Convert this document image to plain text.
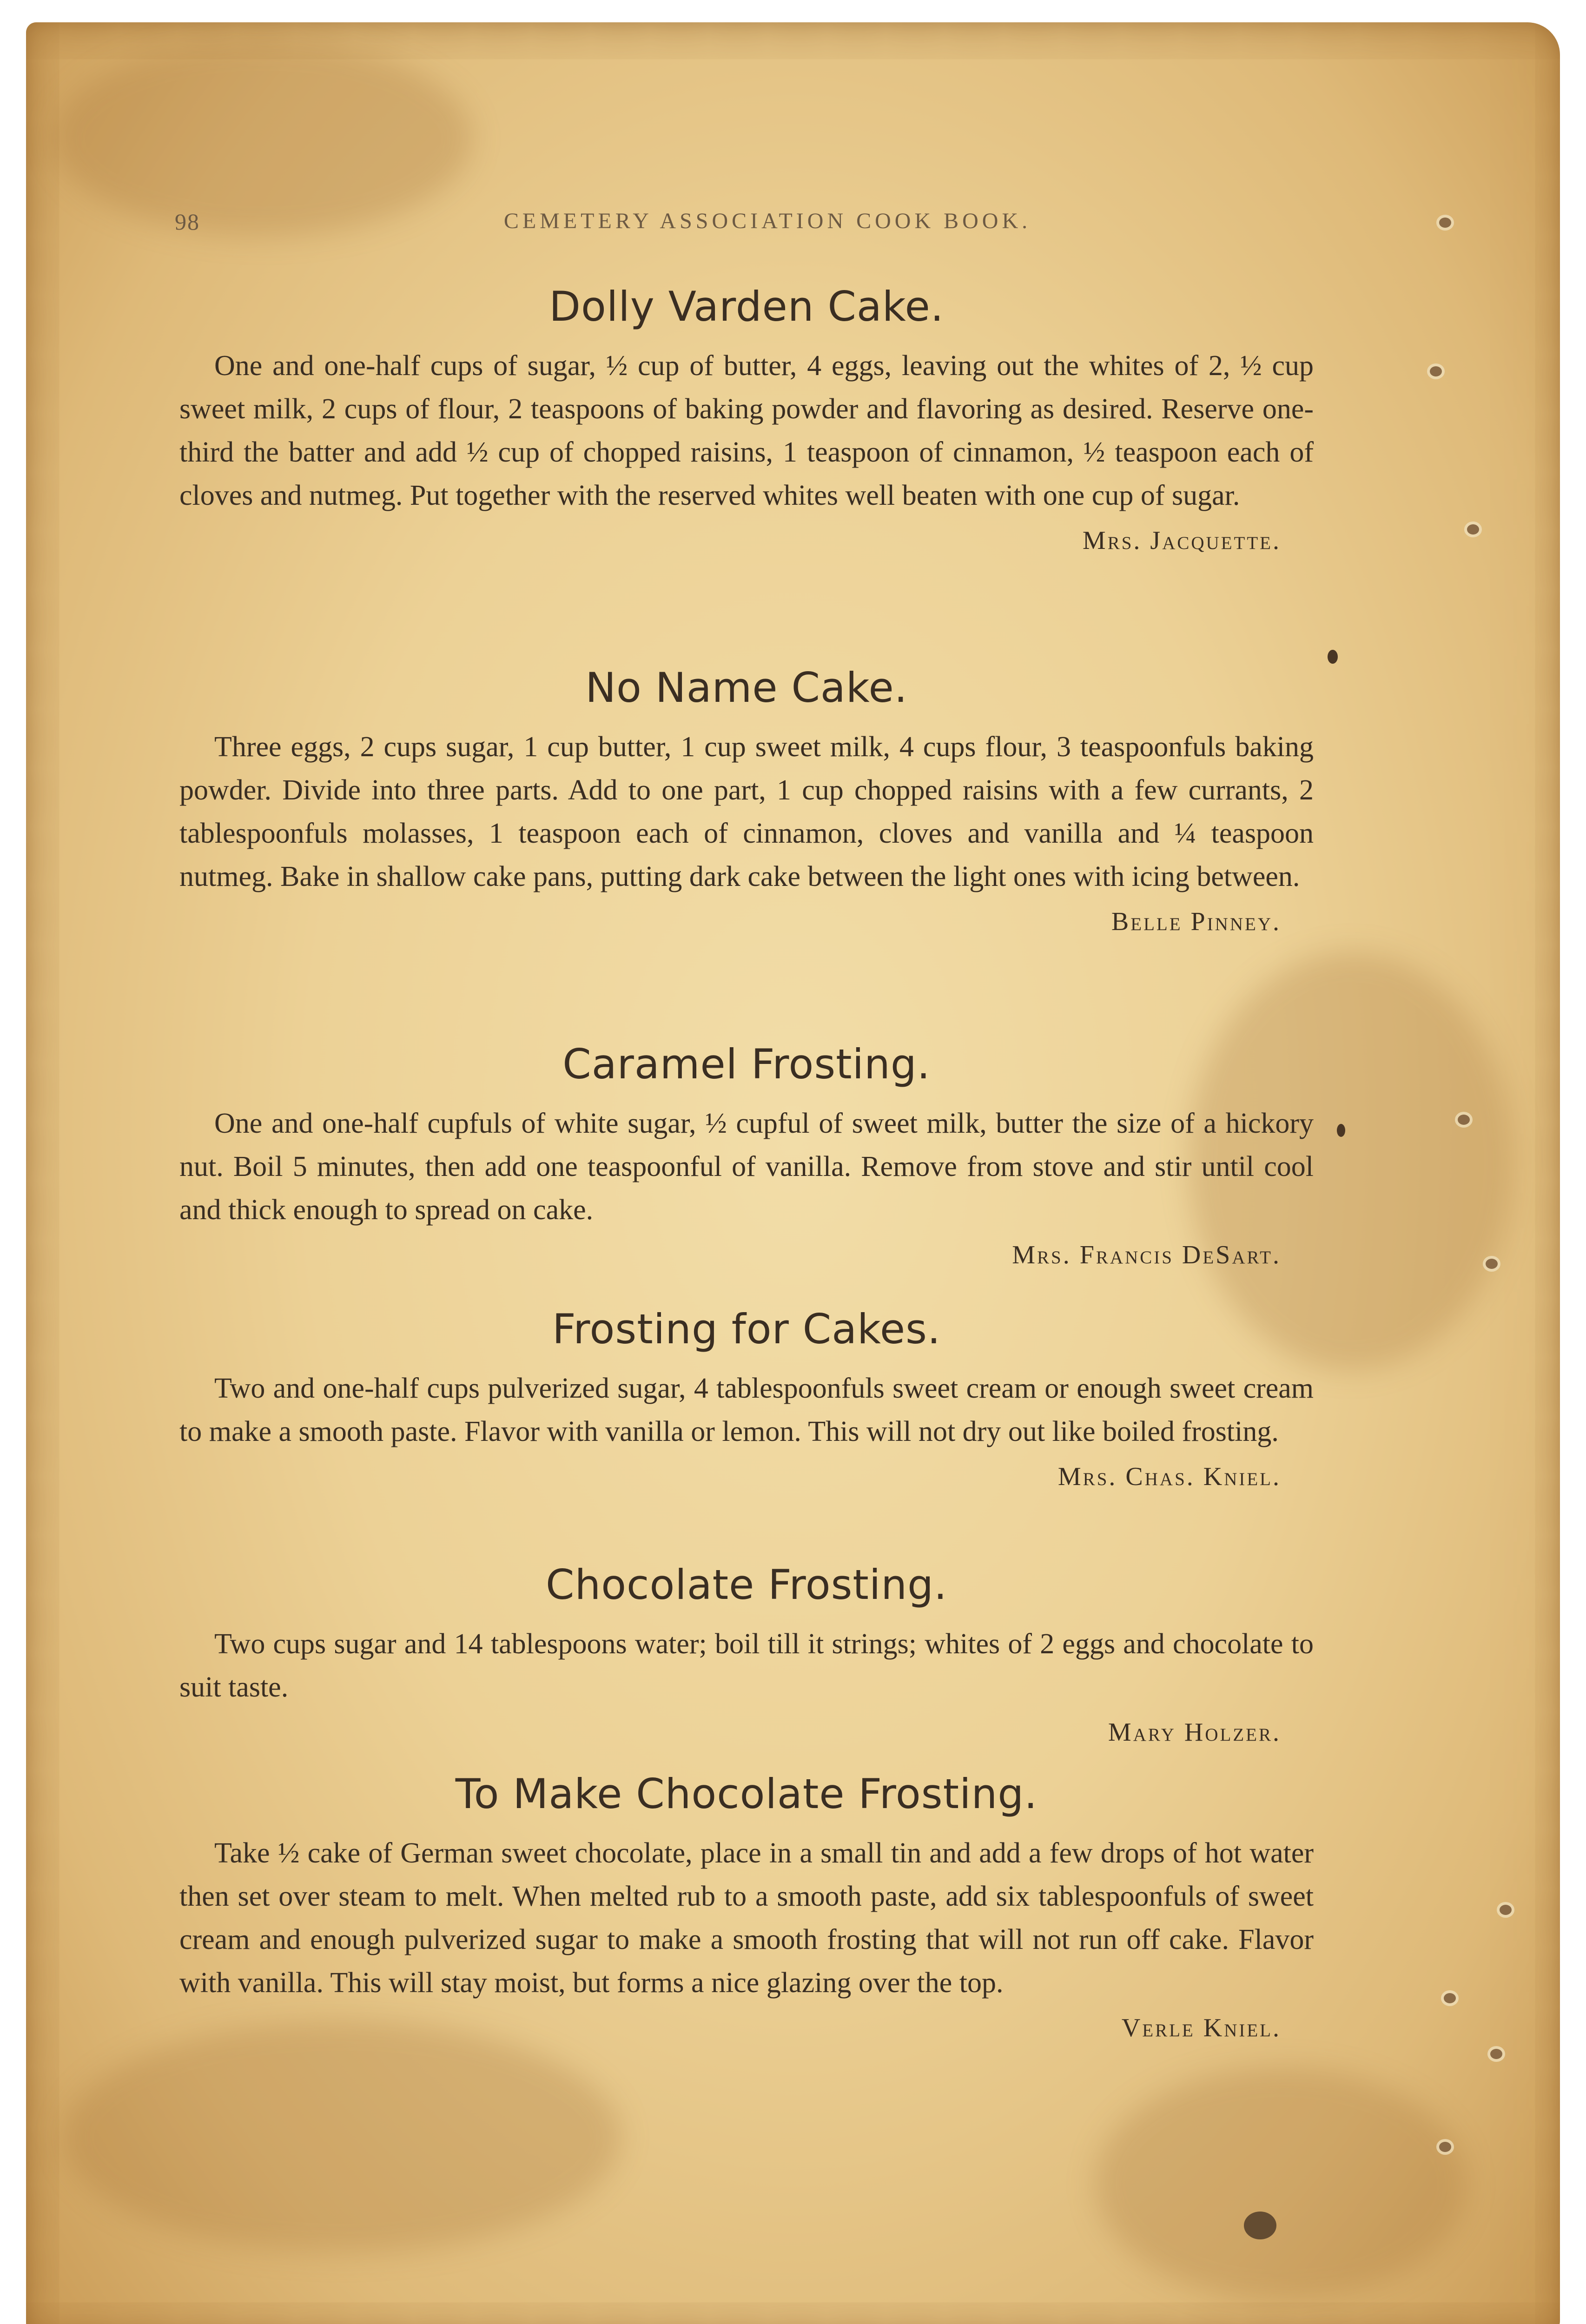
98	CEMETERY ASSOCIATION COOK BOOK.
Dolly Varden Cake.

One and one-half cups of sugar, ½ cup of butter, 4 eggs, leaving out the whites of 2, ½ cup sweet milk, 2 cups of flour, 2 teaspoons of baking powder and flavoring as desired. Reserve one-third the batter and add ½ cup of chopped raisins, 1 teaspoon of cinnamon, ½ teaspoon each of cloves and nutmeg. Put together with the reserved whites well beaten with one cup of sugar.

Mrs. Jacquette.
No Name Cake.

Three eggs, 2 cups sugar, 1 cup butter, 1 cup sweet milk, 4 cups flour, 3 teaspoonfuls baking powder. Divide into three parts. Add to one part, 1 cup chopped raisins with a few currants, 2 tablespoonfuls molasses, 1 teaspoon each of cinnamon, cloves and vanilla and ¼ teaspoon nutmeg. Bake in shallow cake pans, putting dark cake between the light ones with icing between.

Belle Pinney.
Caramel Frosting.

One and one-half cupfuls of white sugar, ½ cupful of sweet milk, butter the size of a hickory nut. Boil 5 minutes, then add one teaspoonful of vanilla. Remove from stove and stir until cool and thick enough to spread on cake.

Mrs. Francis DeSart.
Frosting for Cakes.

Two and one-half cups pulverized sugar, 4 tablespoonfuls sweet cream or enough sweet cream to make a smooth paste. Flavor with vanilla or lemon. This will not dry out like boiled frosting.

Mrs. Chas. Kniel.
Chocolate Frosting.

Two cups sugar and 14 tablespoons water; boil till it strings; whites of 2 eggs and chocolate to suit taste.

Mary Holzer.
To Make Chocolate Frosting.

Take ½ cake of German sweet chocolate, place in a small tin and add a few drops of hot water then set over steam to melt. When melted rub to a smooth paste, add six tablespoonfuls of sweet cream and enough pulverized sugar to make a smooth frosting that will not run off cake. Flavor with vanilla. This will stay moist, but forms a nice glazing over the top.

Verle Kniel.
